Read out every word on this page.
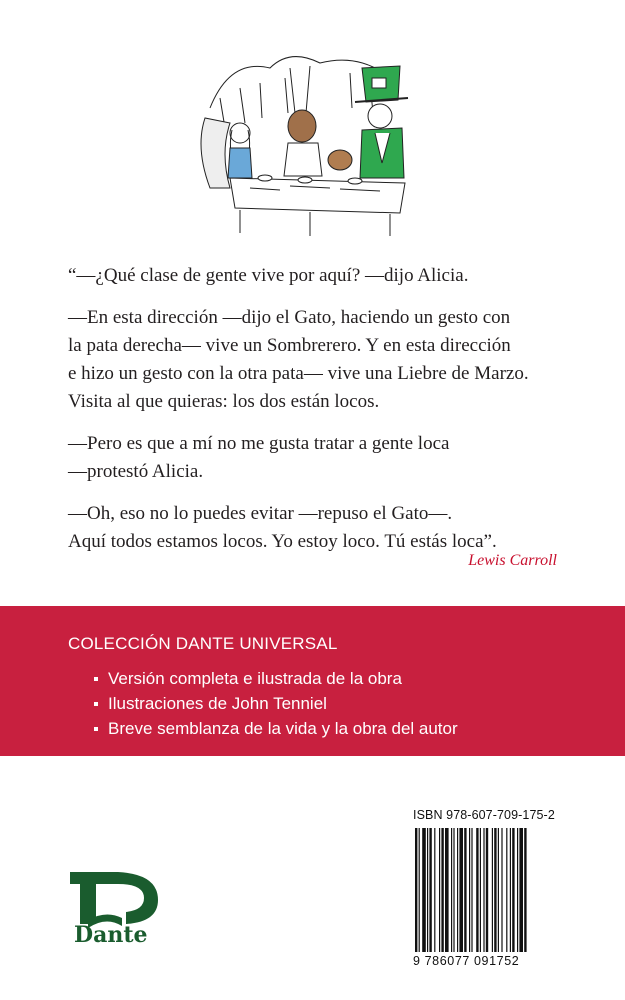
“—¿Qué clase de gente vive por aquí? —dijo Alicia.

—En esta dirección —dijo el Gato, haciendo un gesto con
la pata derecha— vive un Sombrerero. Y en esta dirección
e hizo un gesto con la otra pata— vive una Liebre de Marzo.
Visita al que quieras: los dos están locos.

—Pero es que a mí no me gusta tratar a gente loca
—protestó Alicia.

—Oh, eso no lo puedes evitar —repuso el Gato—.
Aquí todos estamos locos. Yo estoy loco. Tú estás loca”.

Lewis Carroll
COLECCIÓN DANTE UNIVERSAL
Versión completa e ilustrada de la obra
Ilustraciones de John Tenniel
Breve semblanza de la vida y la obra del autor
Dante
ISBN 978-607-709-175-2
9 786077 091752
